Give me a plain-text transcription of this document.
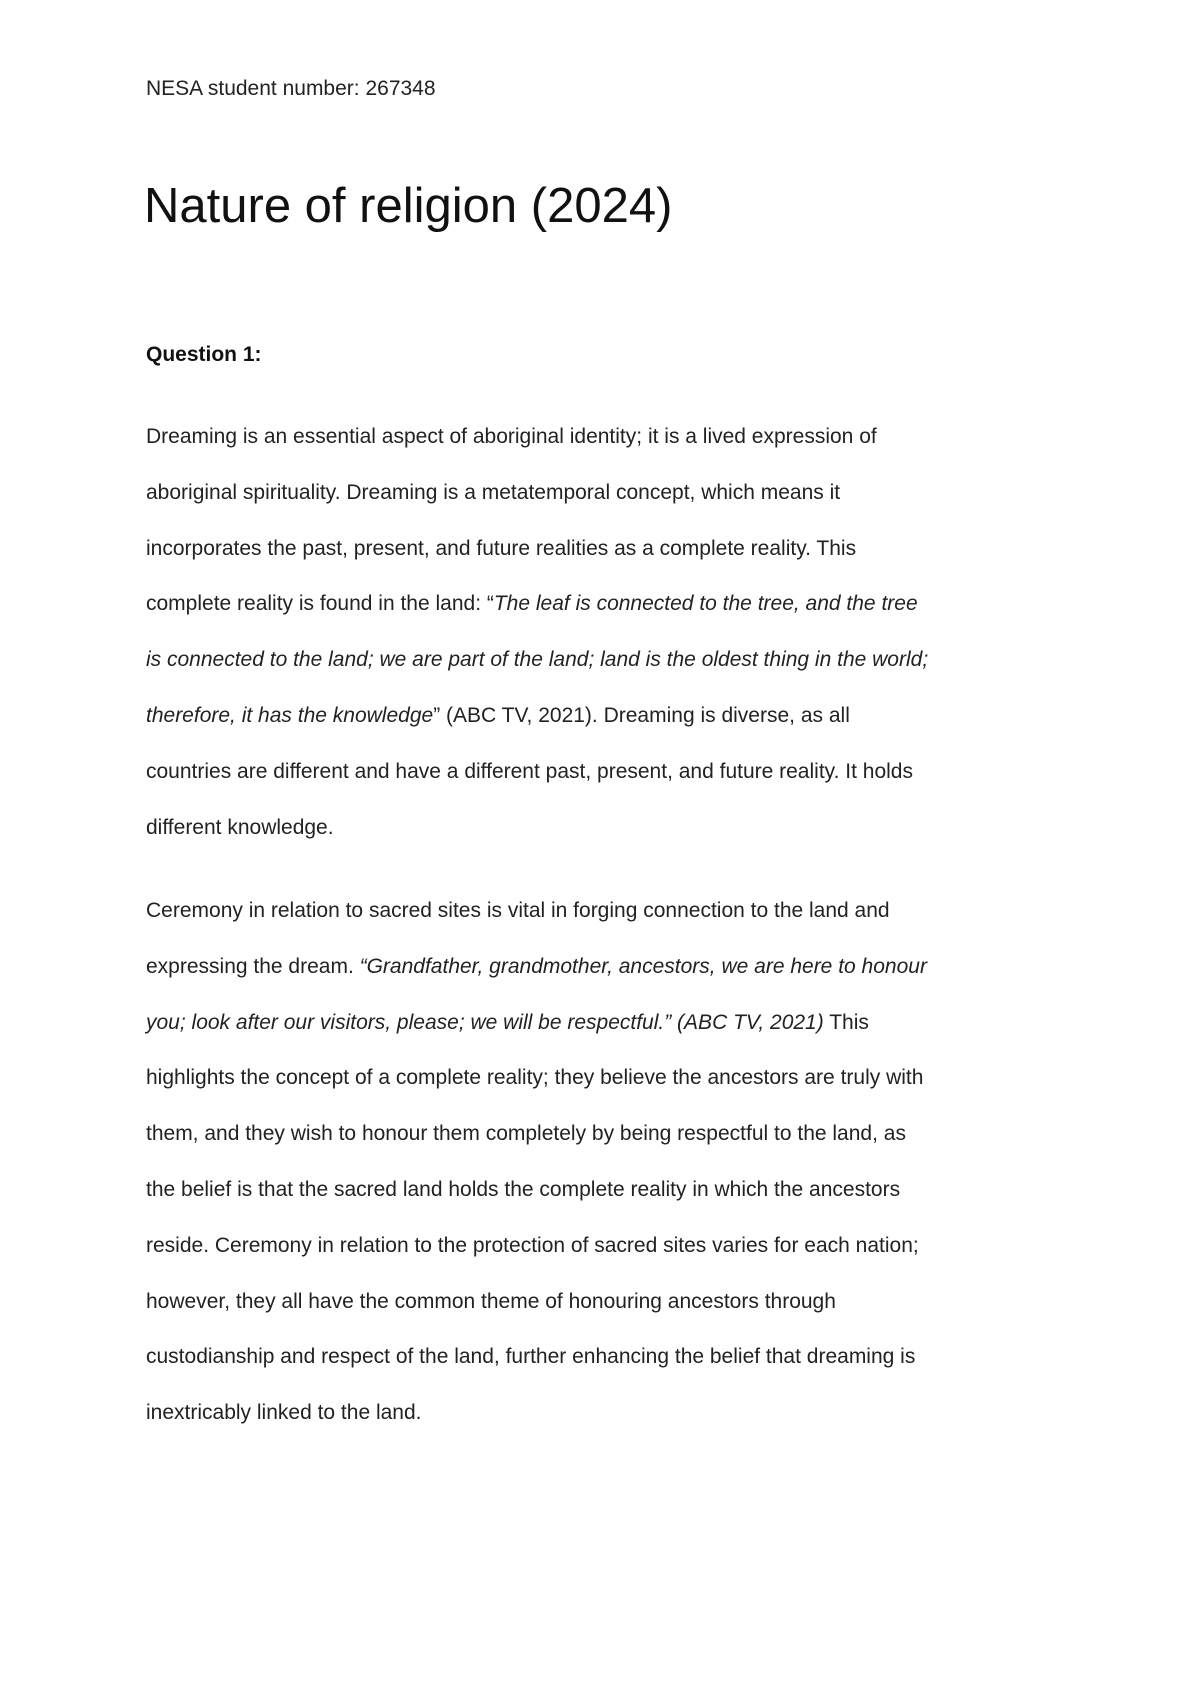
NESA student number: 267348

Nature of religion (2024)
Question 1:

Dreaming is an essential aspect of aboriginal identity; it is a lived expression of
aboriginal spirituality. Dreaming is a metatemporal concept, which means it
incorporates the past, present, and future realities as a complete reality. This
complete reality is found in the land: “The leaf is connected to the tree, and the tree
is connected to the land; we are part of the land; land is the oldest thing in the world;
therefore, it has the knowledge” (ABC TV, 2021). Dreaming is diverse, as all
countries are different and have a different past, present, and future reality. It holds
different knowledge.

Ceremony in relation to sacred sites is vital in forging connection to the land and
expressing the dream. “Grandfather, grandmother, ancestors, we are here to honour
you; look after our visitors, please; we will be respectful.” (ABC TV, 2021) This
highlights the concept of a complete reality; they believe the ancestors are truly with
them, and they wish to honour them completely by being respectful to the land, as
the belief is that the sacred land holds the complete reality in which the ancestors
reside. Ceremony in relation to the protection of sacred sites varies for each nation;
however, they all have the common theme of honouring ancestors through
custodianship and respect of the land, further enhancing the belief that dreaming is
inextricably linked to the land.
